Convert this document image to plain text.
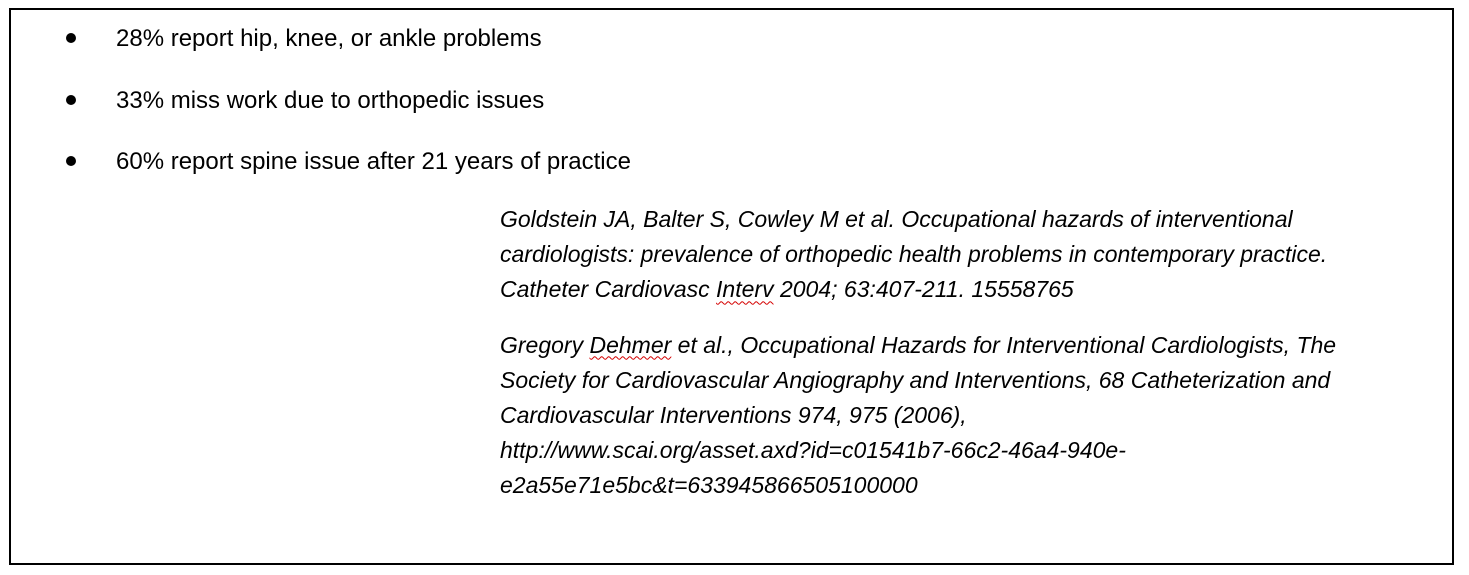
28% report hip, knee, or ankle problems
33% miss work due to orthopedic issues
60% report spine issue after 21 years of practice
Goldstein JA, Balter S, Cowley M et al. Occupational hazards of interventional
cardiologists: prevalence of orthopedic health problems in contemporary practice.
Catheter Cardiovasc Interv 2004; 63:407-211. 15558765
Gregory Dehmer et al., Occupational Hazards for Interventional Cardiologists, The
Society for Cardiovascular Angiography and Interventions, 68 Catheterization and
Cardiovascular Interventions 974, 975 (2006),
http://www.scai.org/asset.axd?id=c01541b7-66c2-46a4-940e-
e2a55e71e5bc&t=633945866505100000
